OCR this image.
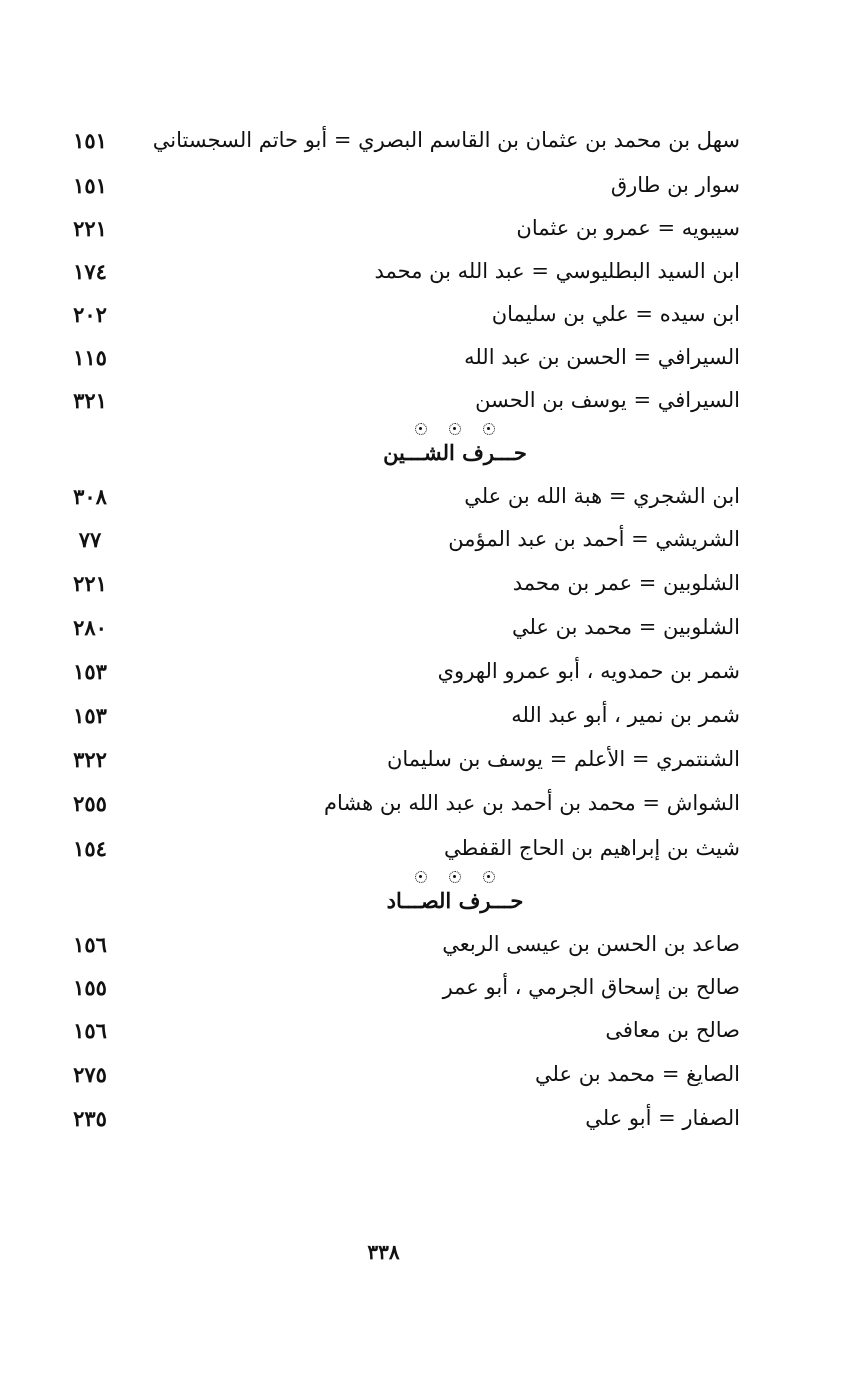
سهل بن محمد بن عثمان بن القاسم البصري = أبو حاتم السجستاني
١٥١
سوار بن طارق
١٥١
سيبويه = عمرو بن عثمان
٢٢١
ابن السيد البطليوسي = عبد الله بن محمد
١٧٤
ابن سيده = علي بن سليمان
٢٠٢
السيرافي = الحسن بن عبد الله
١١٥
السيرافي = يوسف بن الحسن
٣٢١
حـــرف الشـــين
ابن الشجري = هبة الله بن علي
٣٠٨
الشريشي = أحمد بن عبد المؤمن
٧٧
الشلوبين = عمر بن محمد
٢٢١
الشلوبين = محمد بن علي
٢٨٠
شمر بن حمدويه ، أبو عمرو الهروي
١٥٣
شمر بن نمير ، أبو عبد الله
١٥٣
الشنتمري = الأعلم = يوسف بن سليمان
٣٢٢
الشواش = محمد بن أحمد بن عبد الله بن هشام
٢٥٥
شيث بن إبراهيم بن الحاج القفطي
١٥٤
حـــرف الصـــاد
صاعد بن الحسن بن عيسى الربعي
١٥٦
صالح بن إسحاق الجرمي ، أبو عمر
١٥٥
صالح بن معافى
١٥٦
الصايغ = محمد بن علي
٢٧٥
الصفار = أبو علي
٢٣٥
٣٣٨
